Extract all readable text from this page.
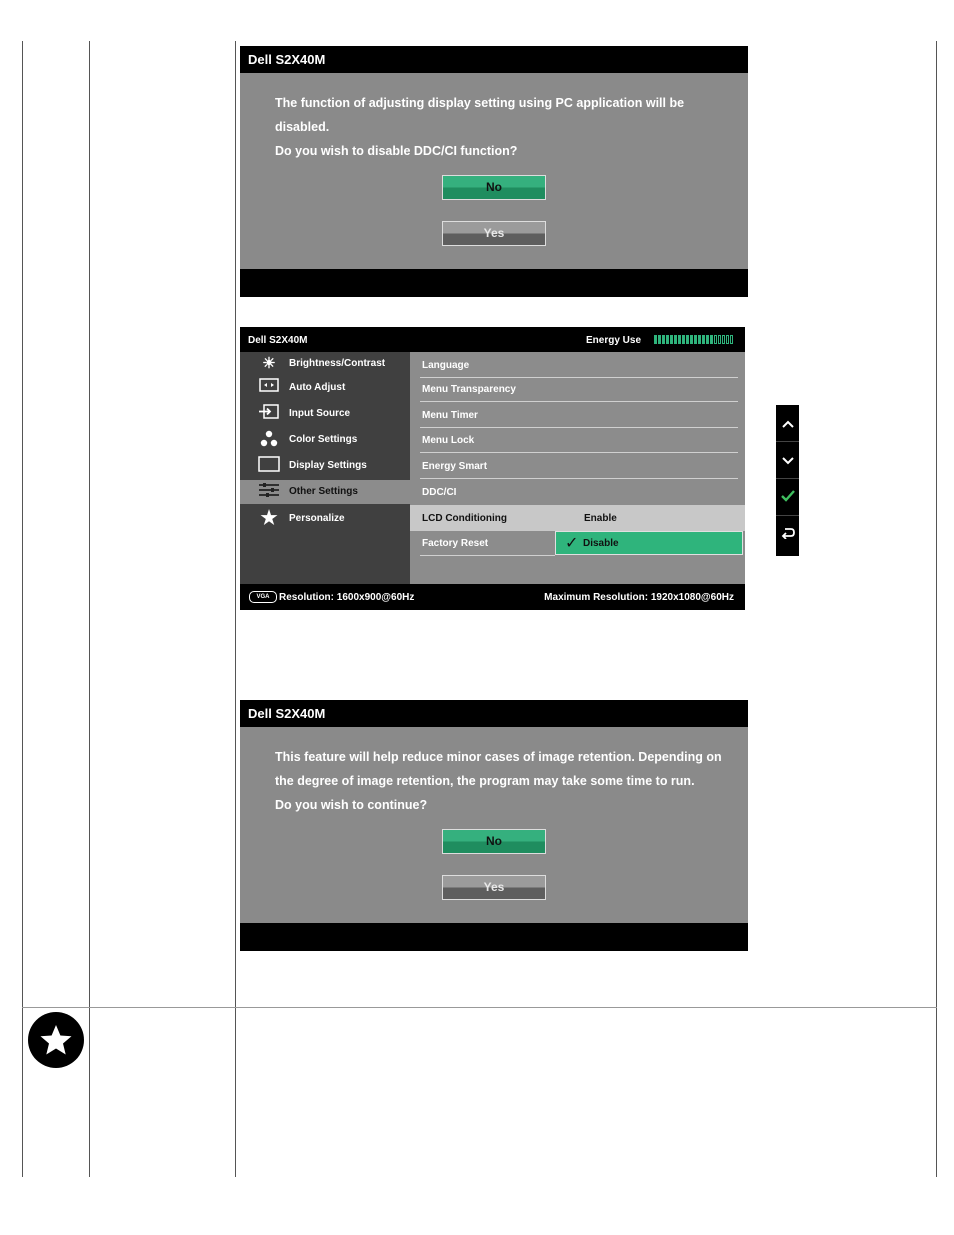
Dell S2X40M
The function of adjusting display setting using PC application will be
disabled.
Do you wish to disable DDC/CI function?
No
Yes
Dell S2X40M	Energy Use
☀	Brightness/Contrast
Auto Adjust
Input Source
Color Settings
Display Settings
Other Settings
★ Personalize
Language
Menu Transparency
Menu Timer
Menu Lock
Energy Smart
DDC/CI
LCD Conditioning	Enable
Factory Reset	✓ Disable
VGA Resolution: 1600x900@60Hz	Maximum Resolution: 1920x1080@60Hz
Dell S2X40M
This feature will help reduce minor cases of image retention. Depending on
the degree of image retention, the program may take some time to run.
Do you wish to continue?
No
Yes
